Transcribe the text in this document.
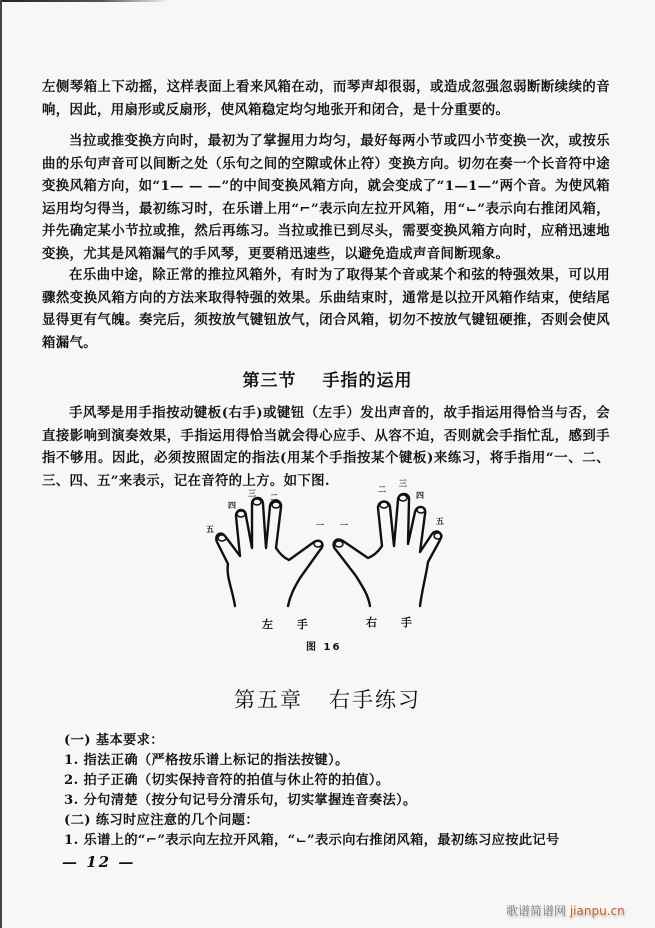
左侧琴箱上下动摇，这样表面上看来风箱在动，而琴声却很弱，或造成忽强忽弱断断续续的音响，因此，用扇形或反扇形，使风箱稳定均匀地张开和闭合，是十分重要的。

当拉或推变换方向时，最初为了掌握用力均匀，最好每两小节或四小节变换一次，或按乐曲的乐句声音可以间断之处（乐句之间的空隙或休止符）变换方向。切勿在奏一个长音符中途变换风箱方向，如“1— — —”的中间变换风箱方向，就会变成了“1—1—”两个音。为使风箱运用均匀得当，最初练习时，在乐谱上用“⌐”表示向左拉开风箱，用“⌙”表示向右推闭风箱，并先确定某小节拉或推，然后再练习。当拉或推已到尽头，需要变换风箱方向时，应稍迅速地变换，尤其是风箱漏气的手风琴，更要稍迅速些，以避免造成声音间断现象。

在乐曲中途，除正常的推拉风箱外，有时为了取得某个音或某个和弦的特强效果，可以用骤然变换风箱方向的方法来取得特强的效果。乐曲结束时，通常是以拉开风箱作结束，使结尾显得更有气魄。奏完后，须按放气键钮放气，闭合风箱，切勿不按放气键钮硬推，否则会使风箱漏气。

第三节 手指的运用

手风琴是用手指按动键板(右手)或键钮（左手）发出声音的，故手指运用得恰当与否，会直接影响到演奏效果，手指运用得恰当就会得心应手、从容不迫，否则就会手指忙乱，感到手指不够用。因此，必须按照固定的指法(用某个手指按某个键板)来练习，将手指用“一、二、三、四、五”来表示，记在音符的上方。如下图.

五
四
三 二
一 一
二
三
四
五
左 手	右 手
图 16
第五章 右手练习
(一) 基本要求：
1. 指法正确（严格按乐谱上标记的指法按键）。
2. 拍子正确（切实保持音符的拍值与休止符的拍值）。
3. 分句清楚（按分句记号分清乐句，切实掌握连音奏法）。
(二) 练习时应注意的几个问题：
1. 乐谱上的“⌐”表示向左拉开风箱，“⌙”表示向右推闭风箱，最初练习应按此记号
— 12 —
歌谱简谱网 jianpu.cn
